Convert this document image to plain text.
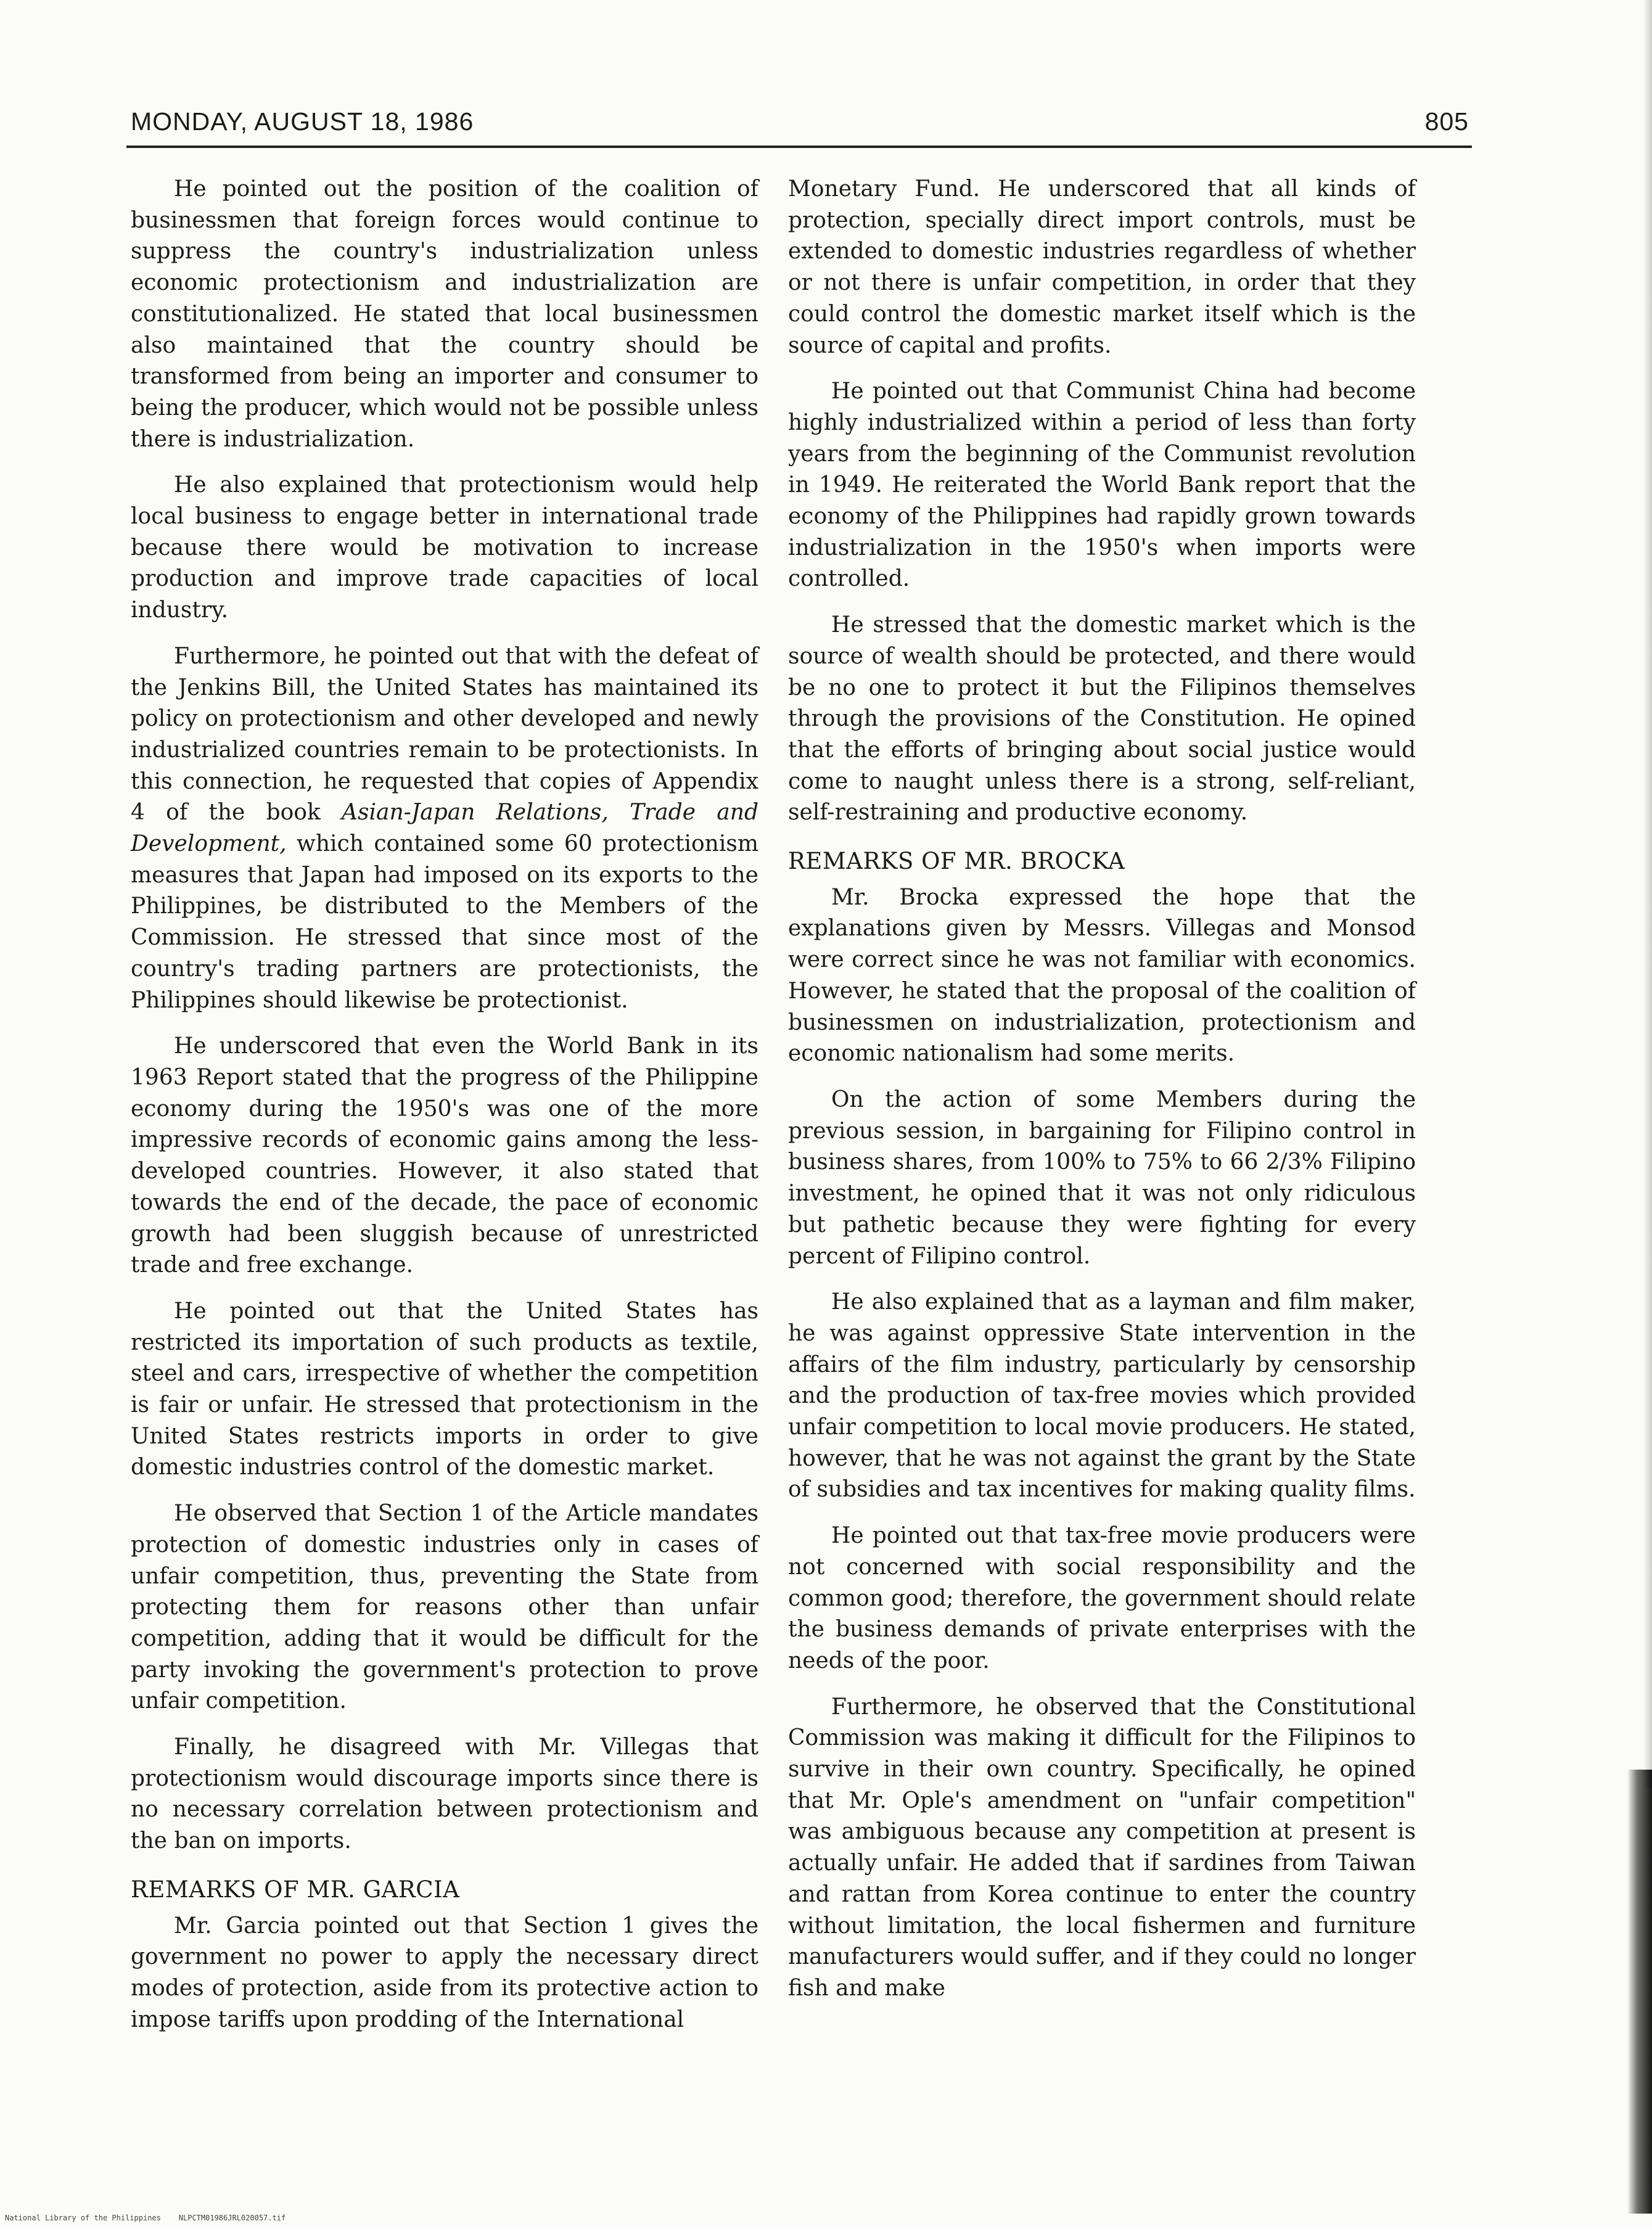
MONDAY, AUGUST 18, 1986	805

He pointed out the position of the coalition of businessmen that foreign forces would continue to suppress the country's industrialization unless economic protectionism and industrialization are constitutionalized. He stated that local businessmen also maintained that the country should be transformed from being an importer and consumer to being the producer, which would not be possible unless there is industrialization.

He also explained that protectionism would help local business to engage better in international trade because there would be motivation to increase production and improve trade capacities of local industry.

Furthermore, he pointed out that with the defeat of the Jenkins Bill, the United States has maintained its policy on protectionism and other developed and newly industrialized countries remain to be protectionists. In this connection, he requested that copies of Appendix 4 of the book Asian-Japan Relations, Trade and Development, which contained some 60 protectionism measures that Japan had imposed on its exports to the Philippines, be distributed to the Members of the Commission. He stressed that since most of the country's trading partners are protectionists, the Philippines should likewise be protectionist.

He underscored that even the World Bank in its 1963 Report stated that the progress of the Philippine economy during the 1950's was one of the more impressive records of economic gains among the less-developed countries. However, it also stated that towards the end of the decade, the pace of economic growth had been sluggish because of unrestricted trade and free exchange.

He pointed out that the United States has restricted its importation of such products as textile, steel and cars, irrespective of whether the competition is fair or unfair. He stressed that protectionism in the United States restricts imports in order to give domestic industries control of the domestic market.

He observed that Section 1 of the Article mandates protection of domestic industries only in cases of unfair competition, thus, preventing the State from protecting them for reasons other than unfair competition, adding that it would be difficult for the party invoking the government's protection to prove unfair competition.

Finally, he disagreed with Mr. Villegas that protectionism would discourage imports since there is no necessary correlation between protectionism and the ban on imports.

REMARKS OF MR. GARCIA

Mr. Garcia pointed out that Section 1 gives the government no power to apply the necessary direct modes of protection, aside from its protective action to impose tariffs upon prodding of the International

Monetary Fund. He underscored that all kinds of protection, specially direct import controls, must be extended to domestic industries regardless of whether or not there is unfair competition, in order that they could control the domestic market itself which is the source of capital and profits.

He pointed out that Communist China had become highly industrialized within a period of less than forty years from the beginning of the Communist revolution in 1949. He reiterated the World Bank report that the economy of the Philippines had rapidly grown towards industrialization in the 1950's when imports were controlled.

He stressed that the domestic market which is the source of wealth should be protected, and there would be no one to protect it but the Filipinos themselves through the provisions of the Constitution. He opined that the efforts of bringing about social justice would come to naught unless there is a strong, self-reliant, self-restraining and productive economy.

REMARKS OF MR. BROCKA

Mr. Brocka expressed the hope that the explanations given by Messrs. Villegas and Monsod were correct since he was not familiar with economics. However, he stated that the proposal of the coalition of businessmen on industrialization, protectionism and economic nationalism had some merits.

On the action of some Members during the previous session, in bargaining for Filipino control in business shares, from 100% to 75% to 66 2/3% Filipino investment, he opined that it was not only ridiculous but pathetic because they were fighting for every percent of Filipino control.

He also explained that as a layman and film maker, he was against oppressive State intervention in the affairs of the film industry, particularly by censorship and the production of tax-free movies which provided unfair competition to local movie producers. He stated, however, that he was not against the grant by the State of subsidies and tax incentives for making quality films.

He pointed out that tax-free movie producers were not concerned with social responsibility and the common good; therefore, the government should relate the business demands of private enterprises with the needs of the poor.

Furthermore, he observed that the Constitutional Commission was making it difficult for the Filipinos to survive in their own country. Specifically, he opined that Mr. Ople's amendment on "unfair competition" was ambiguous because any competition at present is actually unfair. He added that if sardines from Taiwan and rattan from Korea continue to enter the country without limitation, the local fishermen and furniture manufacturers would suffer, and if they could no longer fish and make

National Library of the Philippines NLPCTM01986JRL020057.tif
